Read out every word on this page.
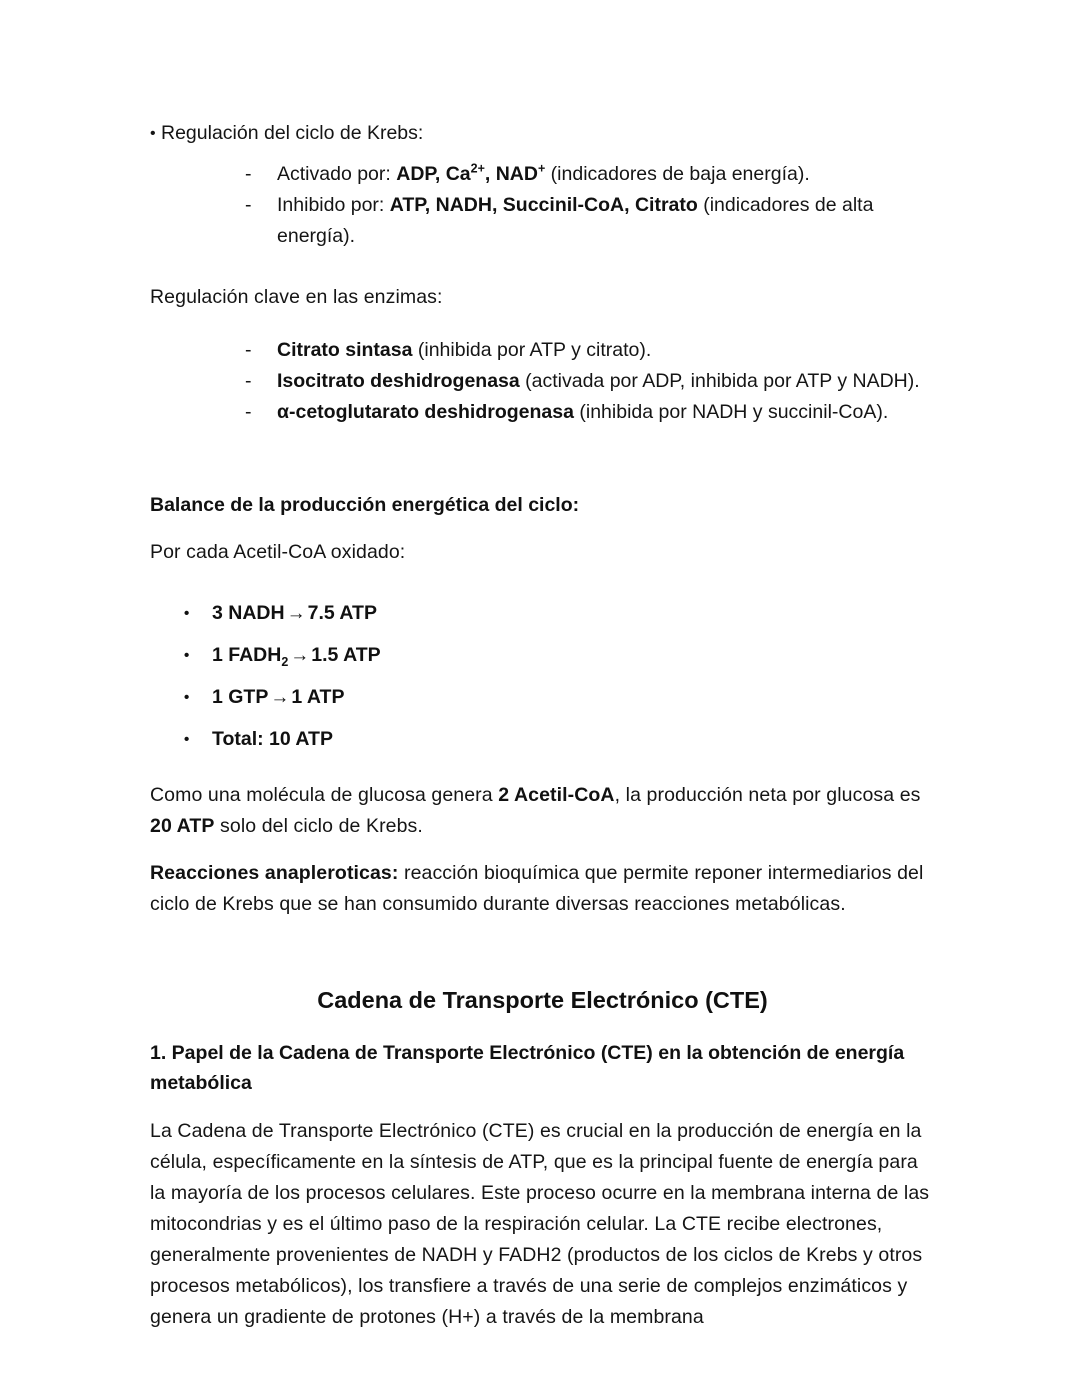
• Regulación del ciclo de Krebs:
- Activado por: ADP, $Ca^{2+}$, NAD+ (indicadores de baja energía).
- Inhibido por: ATP, NADH, Succinil-CoA, Citrato (indicadores de alta energía).

Regulación clave en las enzimas:

- Citrato sintasa (inhibida por ATP y citrato).
- Isocitrato deshidrogenasa (activada por ADP, inhibida por ATP y NADH).
- α-cetoglutarato deshidrogenasa (inhibida por NADH y succinil-CoA).

Balance de la producción energética del ciclo:

Por cada Acetil-CoA oxidado:

• 3 NADH → 7.5 ATP
• 1 $FADH_2 \to 1.5$ ATP
• 1 GTP → 1 ATP
• Total: 10 ATP

Como una molécula de glucosa genera 2 Acetil-CoA, la producción neta por glucosa es 20 ATP solo del ciclo de Krebs.

Reacciones anapleroticas: reacción bioquímica que permite reponer intermediarios del ciclo de Krebs que se han consumido durante diversas reacciones metabólicas.

Cadena de Transporte Electrónico (CTE)
1. Papel de la Cadena de Transporte Electrónico (CTE) en la obtención de energía metabólica

La Cadena de Transporte Electrónico (CTE) es crucial en la producción de energía en la célula, específicamente en la síntesis de ATP, que es la principal fuente de energía para la mayoría de los procesos celulares. Este proceso ocurre en la membrana interna de las mitocondrias y es el último paso de la respiración celular. La CTE recibe electrones, generalmente provenientes de NADH y FADH2 (productos de los ciclos de Krebs y otros procesos metabólicos), los transfiere a través de una serie de complejos enzimáticos y genera un gradiente de protones (H+) a través de la membrana
